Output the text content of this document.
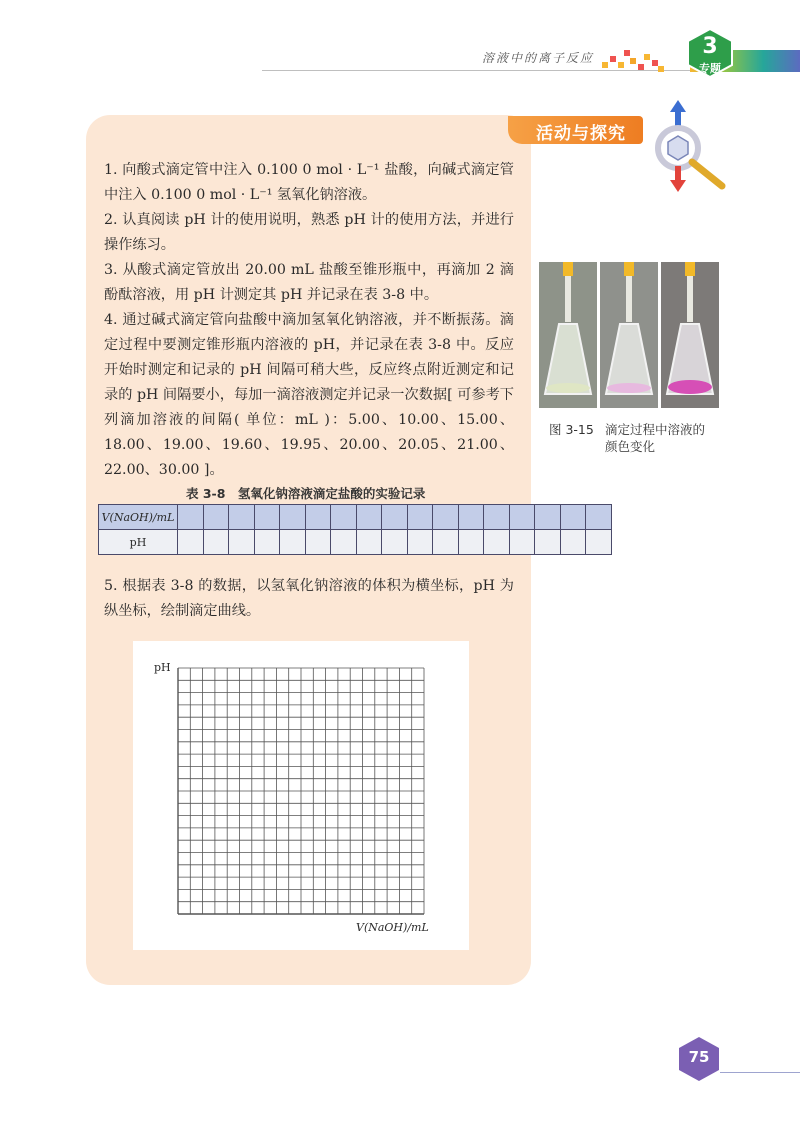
溶液中的离子反应	3
专题
活动与探究

1. 向酸式滴定管中注入 0.100 0 mol · L⁻¹ 盐酸，向碱式滴定管中注入 0.100 0 mol · L⁻¹ 氢氧化钠溶液。

2. 认真阅读 pH 计的使用说明，熟悉 pH 计的使用方法，并进行操作练习。

3. 从酸式滴定管放出 20.00 mL 盐酸至锥形瓶中，再滴加 2 滴酚酞溶液，用 pH 计测定其 pH 并记录在表 3-8 中。

4. 通过碱式滴定管向盐酸中滴加氢氧化钠溶液，并不断振荡。滴定过程中要测定锥形瓶内溶液的 pH，并记录在表 3-8 中。反应开始时测定和记录的 pH 间隔可稍大些，反应终点附近测定和记录的 pH 间隔要小，每加一滴溶液测定并记录一次数据[ 可参考下列滴加溶液的间隔( 单位：mL )：5.00、10.00、15.00、18.00、19.00、19.60、19.95、20.00、20.05、21.00、22.00、30.00 ]。

表 3-8　氢氧化钠溶液滴定盐酸的实验记录
V(NaOH)/mL																	
pH																	

5. 根据表 3-8 的数据，以氢氧化钠溶液的体积为横坐标，pH 为纵坐标，绘制滴定曲线。

pH
V(NaOH)/mL
图 3-15 滴定过程中溶液的
颜色变化
75
